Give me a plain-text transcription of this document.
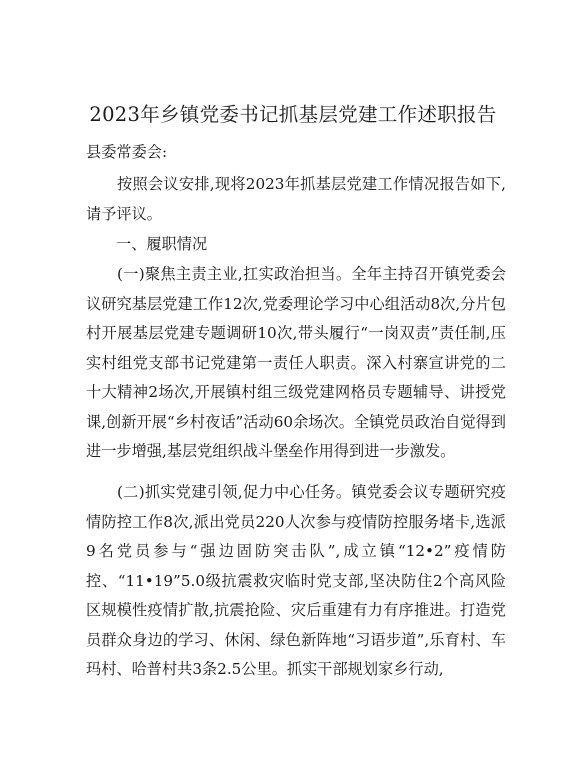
2023年乡镇党委书记抓基层党建工作述职报告
县委常委会:
按照会议安排,现将2023年抓基层党建工作情况报告如下,请予评议。
一、履职情况
(一)聚焦主责主业,扛实政治担当。全年主持召开镇党委会议研究基层党建工作12次,党委理论学习中心组活动8次,分片包村开展基层党建专题调研10次,带头履行“一岗双责”责任制,压实村组党支部书记党建第一责任人职责。深入村寨宣讲党的二十大精神2场次,开展镇村组三级党建网格员专题辅导、讲授党课,创新开展“乡村夜话”活动60余场次。全镇党员政治自觉得到进一步增强,基层党组织战斗堡垒作用得到进一步激发。
(二)抓实党建引领,促力中心任务。镇党委会议专题研究疫情防控工作8次,派出党员220人次参与疫情防控服务堵卡,选派9名党员参与“强边固防突击队”,成立镇“12•2”疫情防控、“11•19”5.0级抗震救灾临时党支部,坚决防住2个高风险区规模性疫情扩散,抗震抢险、灾后重建有力有序推进。打造党员群众身边的学习、休闲、绿色新阵地“习语步道”,乐育村、车玛村、哈普村共3条2.5公里。抓实干部规划家乡行动,
